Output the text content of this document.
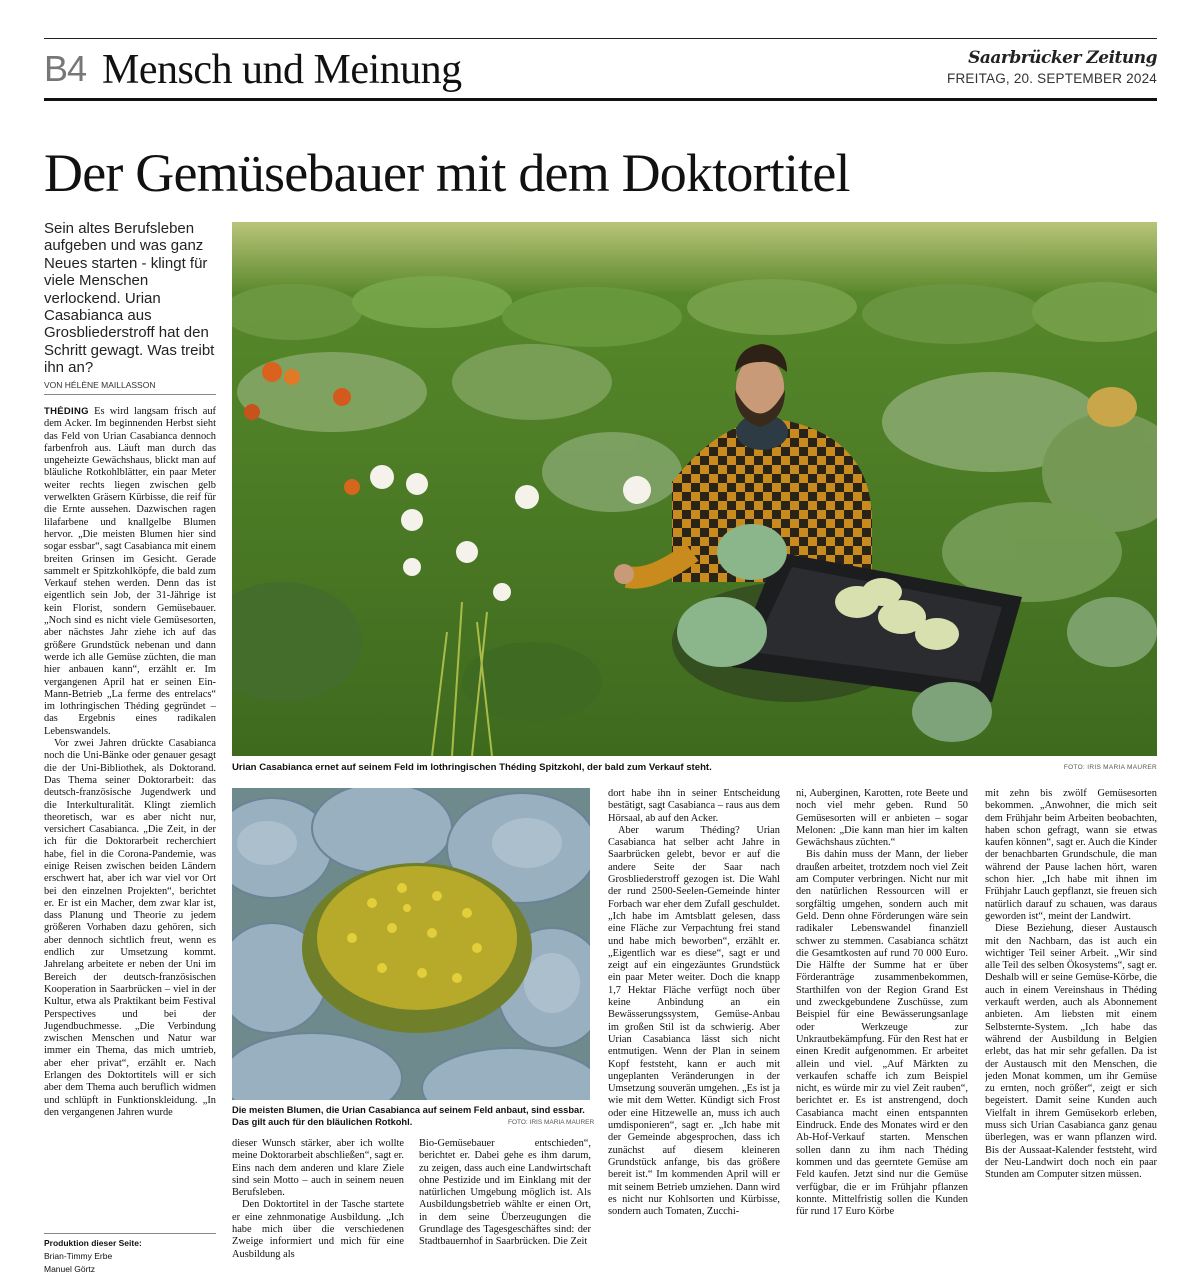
B4 Mensch und Meinung	Saarbrücker Zeitung
FREITAG, 20. SEPTEMBER 2024
Der Gemüsebauer mit dem Doktortitel
Sein altes Berufsleben aufgeben und was ganz Neues starten - klingt für viele Menschen verlockend. Urian Casabianca aus Grosbliederstroff hat den Schritt gewagt. Was treibt ihn an?
VON HÉLÈNE MAILLASSON

THÉDING Es wird langsam frisch auf dem Acker. Im beginnenden Herbst sieht das Feld von Urian Casabianca dennoch farbenfroh aus. Läuft man durch das ungeheizte Gewächshaus, blickt man auf bläuliche Rotkohlblätter, ein paar Meter weiter rechts liegen zwischen gelb verwelkten Gräsern Kürbisse, die reif für die Ernte aussehen. Dazwischen ragen lilafarbene und knallgelbe Blumen hervor. „Die meisten Blumen hier sind sogar essbar“, sagt Casabianca mit einem breiten Grinsen im Gesicht. Gerade sammelt er Spitzkohlköpfe, die bald zum Verkauf stehen werden. Denn das ist eigentlich sein Job, der 31-Jährige ist kein Florist, sondern Gemüsebauer. „Noch sind es nicht viele Gemüsesorten, aber nächstes Jahr ziehe ich auf das größere Grundstück nebenan und dann werde ich alle Gemüse züchten, die man hier anbauen kann“, erzählt er. Im vergangenen April hat er seinen Ein-Mann-Betrieb „La ferme des entrelacs“ im lothringischen Théding gegründet – das Ergebnis eines radikalen Lebenswandels.

Vor zwei Jahren drückte Casabianca noch die Uni-Bänke oder genauer gesagt die der Uni-Bibliothek, als Doktorand. Das Thema seiner Doktorarbeit: das deutsch-französische Jugendwerk und die Interkulturalität. Klingt ziemlich theoretisch, war es aber nicht nur, versichert Casabianca. „Die Zeit, in der ich für die Doktorarbeit recherchiert habe, fiel in die Corona-Pandemie, was einige Reisen zwischen beiden Ländern erschwert hat, aber ich war viel vor Ort bei den einzelnen Projekten“, berichtet er. Er ist ein Macher, dem zwar klar ist, dass Planung und Theorie zu jedem größeren Vorhaben dazu gehören, sich aber dennoch sichtlich freut, wenn es endlich zur Umsetzung kommt. Jahrelang arbeitete er neben der Uni im Bereich der deutsch-französischen Kooperation in Saarbrücken – viel in der Kultur, etwa als Praktikant beim Festival Perspectives und bei der Jugendbuchmesse. „Die Verbindung zwischen Menschen und Natur war immer ein Thema, das mich umtrieb, aber eher privat“, erzählt er. Nach Erlangen des Doktortitels will er sich aber dem Thema auch beruflich widmen und schlüpft in Funktionskleidung. „In den vergangenen Jahren wurde

Produktion dieser Seite:
Brian-Timmy Erbe
Manuel Görtz
Urian Casabianca ernet auf seinem Feld im lothringischen Théding Spitzkohl, der bald zum Verkauf steht.	FOTO: IRIS MARIA MAURER
Die meisten Blumen, die Urian Casabianca auf seinem Feld anbaut, sind essbar. Das gilt auch für den bläulichen Rotkohl.	FOTO: IRIS MARIA MAURER

dieser Wunsch stärker, aber ich wollte meine Doktorarbeit abschließen“, sagt er. Eins nach dem anderen und klare Ziele sind sein Motto – auch in seinem neuen Berufsleben.

Den Doktortitel in der Tasche startete er eine zehnmonatige Ausbildung. „Ich habe mich über die verschiedenen Zweige informiert und mich für eine Ausbildung als

Bio-Gemüsebauer entschieden“, berichtet er. Dabei gehe es ihm darum, zu zeigen, dass auch eine Landwirtschaft ohne Pestizide und im Einklang mit der natürlichen Umgebung möglich ist. Als Ausbildungsbetrieb wählte er einen Ort, in dem seine Überzeugungen die Grundlage des Tagesgeschäftes sind: der Stadtbauernhof in Saarbrücken. Die Zeit

dort habe ihn in seiner Entscheidung bestätigt, sagt Casabianca – raus aus dem Hörsaal, ab auf den Acker.

Aber warum Théding? Urian Casabianca hat selber acht Jahre in Saarbrücken gelebt, bevor er auf die andere Seite der Saar nach Grosbliederstroff gezogen ist. Die Wahl der rund 2500-Seelen-Gemeinde hinter Forbach war eher dem Zufall geschuldet. „Ich habe im Amtsblatt gelesen, dass eine Fläche zur Verpachtung frei stand und habe mich beworben“, erzählt er. „Eigentlich war es diese“, sagt er und zeigt auf ein eingezäuntes Grundstück ein paar Meter weiter. Doch die knapp 1,7 Hektar Fläche verfügt noch über keine Anbindung an ein Bewässerungssystem, Gemüse-Anbau im großen Stil ist da schwierig. Aber Urian Casabianca lässt sich nicht entmutigen. Wenn der Plan in seinem Kopf feststeht, kann er auch mit ungeplanten Veränderungen in der Umsetzung souverän umgehen. „Es ist ja wie mit dem Wetter. Kündigt sich Frost oder eine Hitzewelle an, muss ich auch umdisponieren“, sagt er. „Ich habe mit der Gemeinde abgesprochen, dass ich zunächst auf diesem kleineren Grundstück anfange, bis das größere bereit ist.“ Im kommenden April will er mit seinem Betrieb umziehen. Dann wird es nicht nur Kohlsorten und Kürbisse, sondern auch Tomaten, Zucchi-

ni, Auberginen, Karotten, rote Beete und noch viel mehr geben. Rund 50 Gemüsesorten will er anbieten – sogar Melonen: „Die kann man hier im kalten Gewächshaus züchten.“

Bis dahin muss der Mann, der lieber draußen arbeitet, trotzdem noch viel Zeit am Computer verbringen. Nicht nur mit den natürlichen Ressourcen will er sorgfältig umgehen, sondern auch mit Geld. Denn ohne Förderungen wäre sein radikaler Lebenswandel finanziell schwer zu stemmen. Casabianca schätzt die Gesamtkosten auf rund 70 000 Euro. Die Hälfte der Summe hat er über Förderanträge zusammenbekommen, Starthilfen von der Region Grand Est und zweckgebundene Zuschüsse, zum Beispiel für eine Bewässerungsanlage oder Werkzeuge zur Unkrautbekämpfung. Für den Rest hat er einen Kredit aufgenommen. Er arbeitet allein und viel. „Auf Märkten zu verkaufen schaffe ich zum Beispiel nicht, es würde mir zu viel Zeit rauben“, berichtet er. Es ist anstrengend, doch Casabianca macht einen entspannten Eindruck. Ende des Monates wird er den Ab-Hof-Verkauf starten. Menschen sollen dann zu ihm nach Théding kommen und das geerntete Gemüse am Feld kaufen. Jetzt sind nur die Gemüse verfügbar, die er im Frühjahr pflanzen konnte. Mittelfristig sollen die Kunden für rund 17 Euro Körbe

mit zehn bis zwölf Gemüsesorten bekommen. „Anwohner, die mich seit dem Frühjahr beim Arbeiten beobachten, haben schon gefragt, wann sie etwas kaufen können“, sagt er. Auch die Kinder der benachbarten Grundschule, die man während der Pause lachen hört, waren schon hier. „Ich habe mit ihnen im Frühjahr Lauch gepflanzt, sie freuen sich natürlich darauf zu schauen, was daraus geworden ist“, meint der Landwirt.

Diese Beziehung, dieser Austausch mit den Nachbarn, das ist auch ein wichtiger Teil seiner Arbeit. „Wir sind alle Teil des selben Ökosystems“, sagt er. Deshalb will er seine Gemüse-Körbe, die auch in einem Vereinshaus in Théding verkauft werden, auch als Abonnement anbieten. Am liebsten mit einem Selbsternte-System. „Ich habe das während der Ausbildung in Belgien erlebt, das hat mir sehr gefallen. Da ist der Austausch mit den Menschen, die jeden Monat kommen, um ihr Gemüse zu ernten, noch größer“, zeigt er sich begeistert. Damit seine Kunden auch Vielfalt in ihrem Gemüsekorb erleben, muss sich Urian Casabianca ganz genau überlegen, was er wann pflanzen wird. Bis der Aussaat-Kalender feststeht, wird der Neu-Landwirt doch noch ein paar Stunden am Computer sitzen müssen.
